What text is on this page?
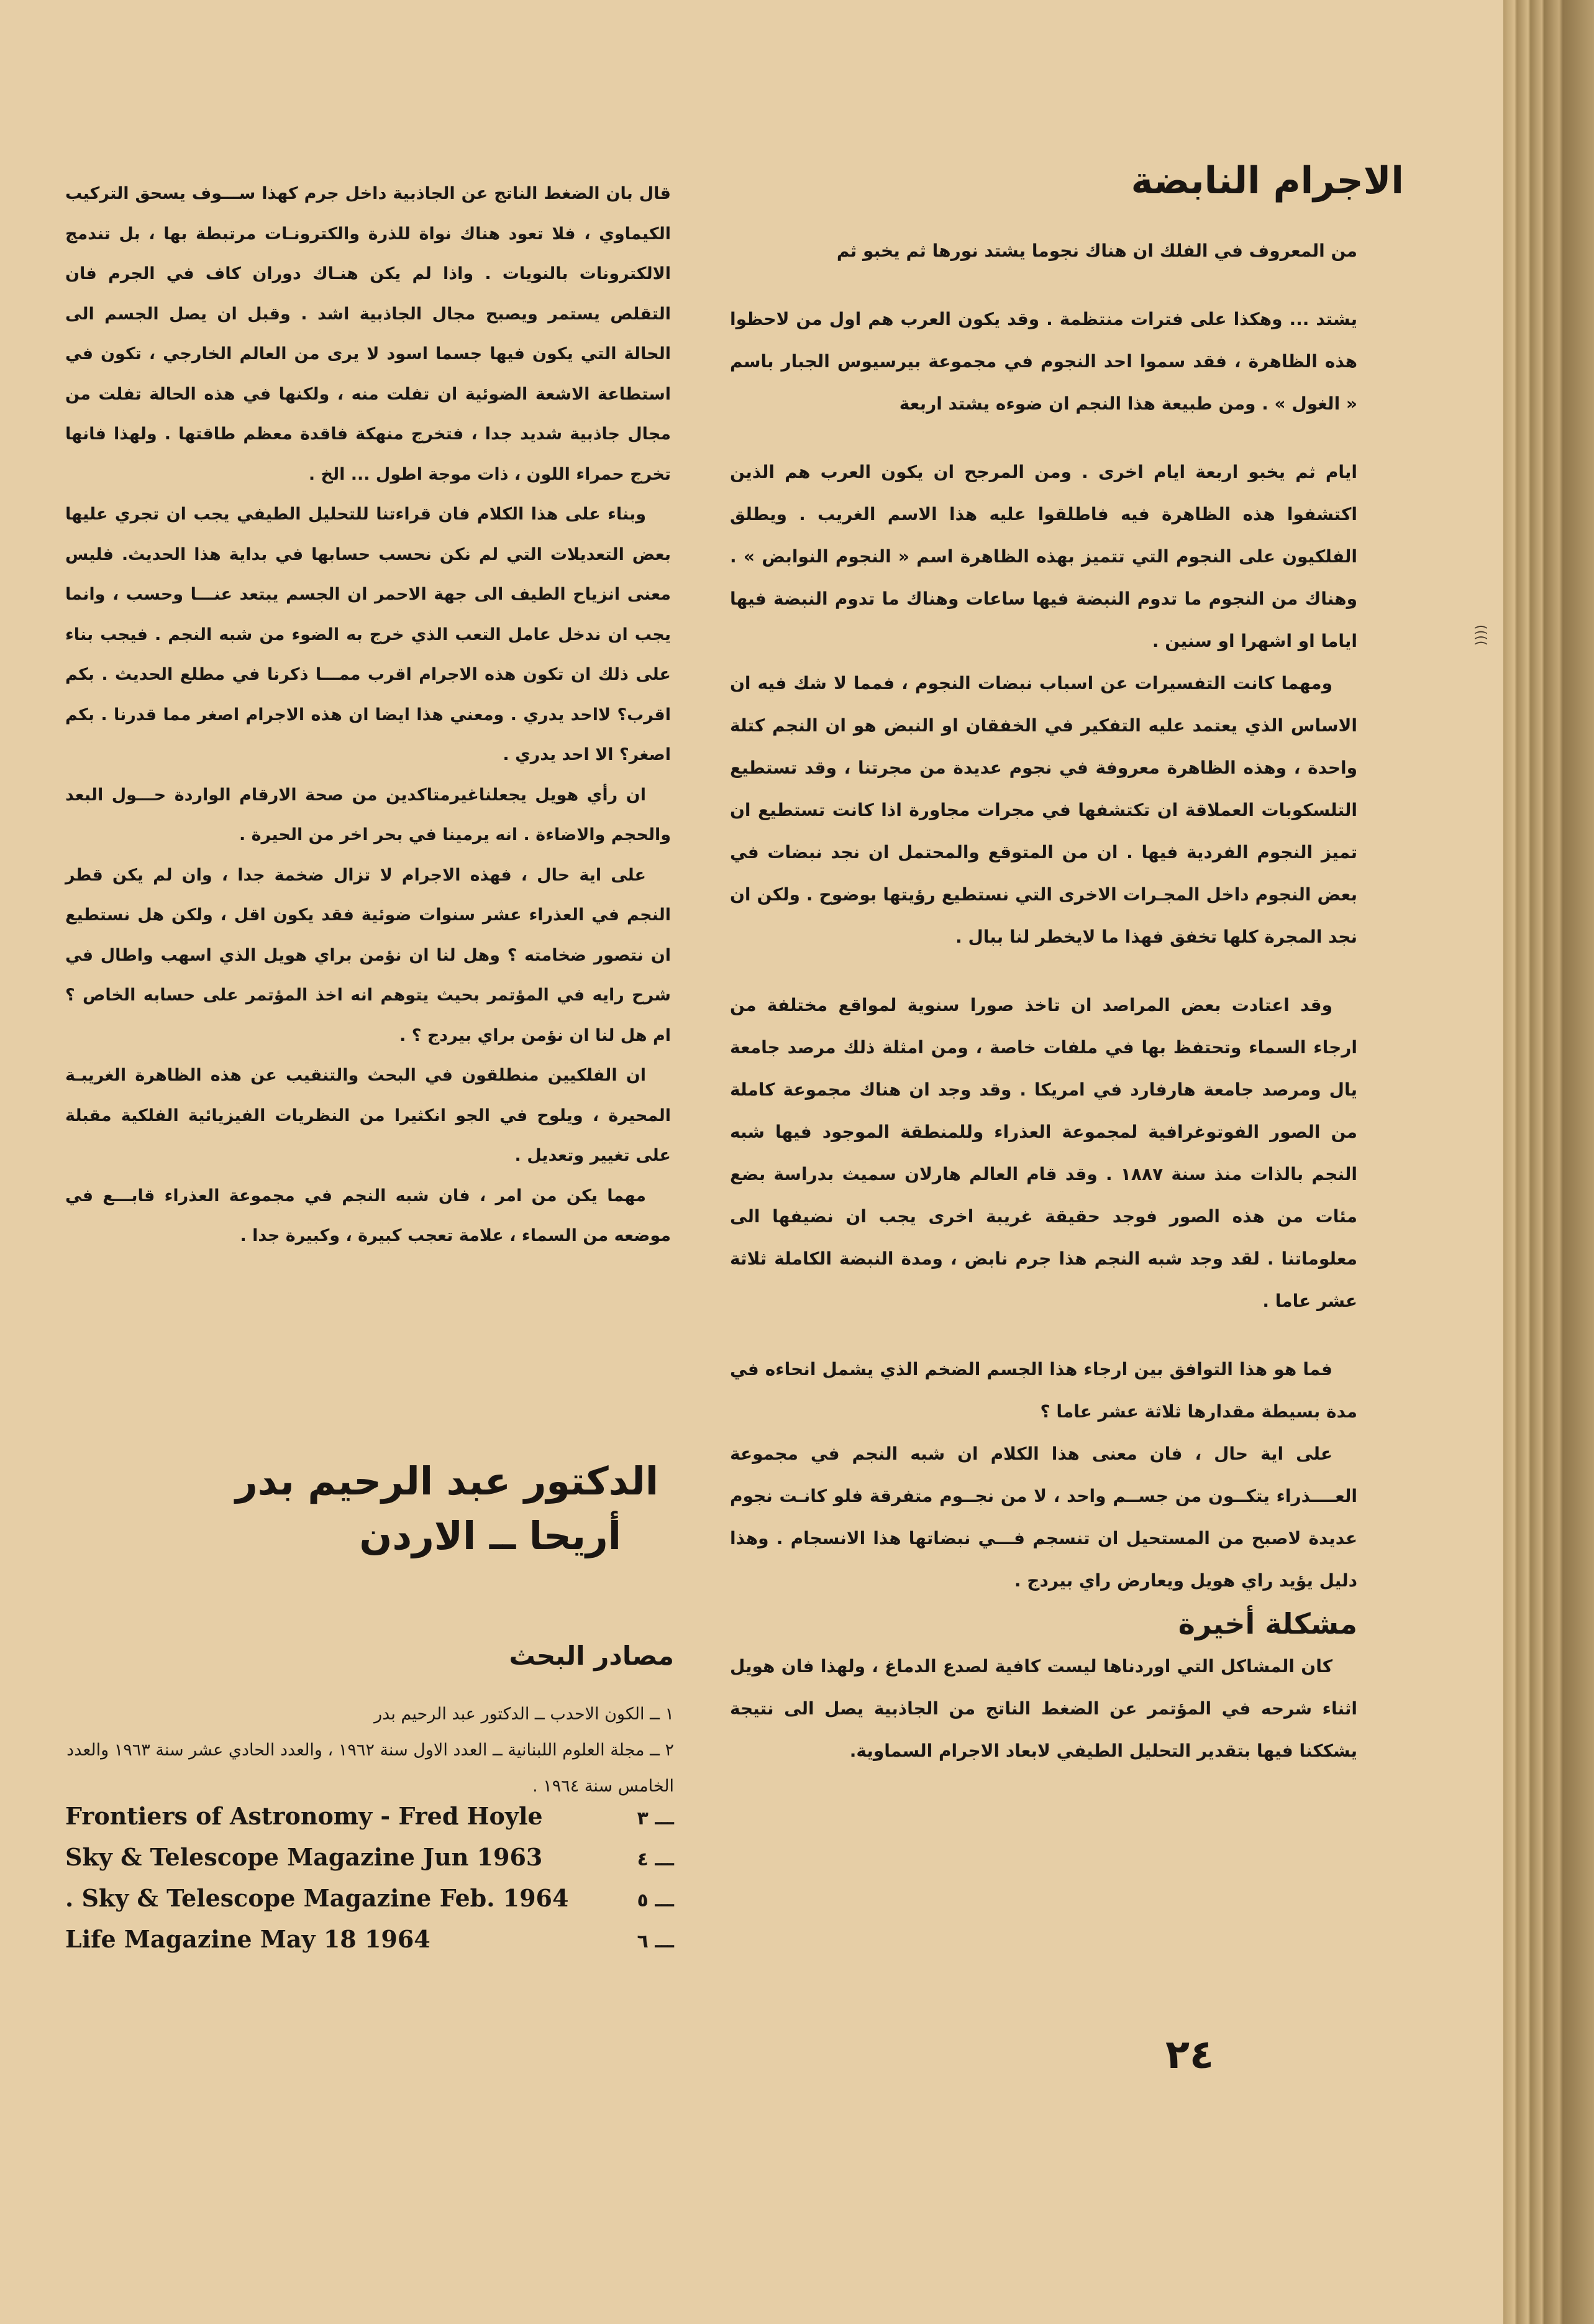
((((
الاجرام النابضة

من المعروف في الفلك ان هناك نجوما يشتد نورها ثم يخبو ثم

يشتد ... وهكذا على فترات منتظمة . وقد يكون العرب هم اول من لاحظوا هذه الظاهرة ، فقد سموا احد النجوم في مجموعة بيرسيوس الجبار باسم « الغول » . ومن طبيعة هذا النجم ان ضوءه يشتد اربعة

ايام ثم يخبو اربعة ايام اخرى . ومن المرجح ان يكون العرب هم الذين اكتشفوا هذه الظاهرة فيه فاطلقوا عليه هذا الاسم الغريب . ويطلق الفلكيون على النجوم التي تتميز بهذه الظاهرة اسم « النجوم النوابض » . وهناك من النجوم ما تدوم النبضة فيها ساعات وهناك ما تدوم النبضة فيها اياما او اشهرا او سنين .

ومهما كانت التفسيرات عن اسباب نبضات النجوم ، فمما لا شك فيه ان الاساس الذي يعتمد عليه التفكير في الخفقان او النبض هو ان النجم كتلة واحدة ، وهذه الظاهرة معروفة في نجوم عديدة من مجرتنا ، وقد تستطيع التلسكوبات العملاقة ان تكتشفها في مجرات مجاورة اذا كانت تستطيع ان تميز النجوم الفردية فيها . ان من المتوقع والمحتمل ان نجد نبضات في بعض النجوم داخل المجـرات الاخرى التي نستطيع رؤيتها بوضوح . ولكن ان نجد المجرة كلها تخفق فهذا ما لايخطر لنا ببال .

وقد اعتادت بعض المراصد ان تاخذ صورا سنوية لمواقع مختلفة من ارجاء السماء وتحتفظ بها في ملفات خاصة ، ومن امثلة ذلك مرصد جامعة يال ومرصد جامعة هارفارد في امريكا . وقد وجد ان هناك مجموعة كاملة من الصور الفوتوغرافية لمجموعة العذراء وللمنطقة الموجود فيها شبه النجم بالذات منذ سنة ١٨٨٧ . وقد قام العالم هارلان سميث بدراسة بضع مئات من هذه الصور فوجد حقيقة غريبة اخرى يجب ان نضيفها الى معلوماتنا . لقد وجد شبه النجم هذا جرم نابض ، ومدة النبضة الكاملة ثلاثة عشر عاما .

فما هو هذا التوافق بين ارجاء هذا الجسم الضخم الذي يشمل انحاءه في مدة بسيطة مقدارها ثلاثة عشر عاما ؟

على اية حال ، فان معنى هذا الكلام ان شبه النجم في مجموعة العــــذراء يتكــون من جســم واحد ، لا من نجــوم متفرقة فلو كانـت نجوم عديدة لاصبح من المستحيل ان تنسجم فـــي نبضاتها هذا الانسجام . وهذا دليل يؤيد راي هويل ويعارض راي بيردج .

مشكلة أخيرة

كان المشاكل التي اوردناها ليست كافية لصدع الدماغ ، ولهذا فان هويل اثناء شرحه في المؤتمر عن الضغط الناتج من الجاذبية يصل الى نتيجة يشككنا فيها بتقدير التحليل الطيفي لابعاد الاجرام السماوية.

قال بان الضغط الناتج عن الجاذبية داخل جرم كهذا ســـوف يسحق التركيب الكيماوي ، فلا تعود هناك نواة للذرة والكترونـات مرتبطة بها ، بل تندمج الالكترونات بالنويات . واذا لم يكن هنـاك دوران كاف في الجرم فان التقلص يستمر ويصبح مجال الجاذبية اشد . وقبل ان يصل الجسم الى الحالة التي يكون فيها جسما اسود لا يرى من العالم الخارجي ، تكون في استطاعة الاشعة الضوئية ان تفلت منه ، ولكنها في هذه الحالة تفلت من مجال جاذبية شديد جدا ، فتخرج منهكة فاقدة معظم طاقتها . ولهذا فانها تخرج حمراء اللون ، ذات موجة اطول ... الخ .

وبناء على هذا الكلام فان قراءتنا للتحليل الطيفي يجب ان تجري عليها بعض التعديلات التي لم نكن نحسب حسابها في بداية هذا الحديث. فليس معنى انزياح الطيف الى جهة الاحمر ان الجسم يبتعد عنـــا وحسب ، وانما يجب ان ندخل عامل التعب الذي خرج به الضوء من شبه النجم . فيجب بناء على ذلك ان تكون هذه الاجرام اقرب ممـــا ذكرنا في مطلع الحديث . بكم اقرب؟ لااحد يدري . ومعني هذا ايضا ان هذه الاجرام اصغر مما قدرنا . بكم اصغر؟ الا احد يدري .

ان رأي هويل يجعلناغيرمتاكدين من صحة الارقام الواردة حـــول البعد والحجم والاضاءة . انه يرمينا في بحر اخر من الحيرة .

على اية حال ، فهذه الاجرام لا تزال ضخمة جدا ، وان لم يكن قطر النجم في العذراء عشر سنوات ضوئية فقد يكون اقل ، ولكن هل نستطيع ان نتصور ضخامته ؟ وهل لنا ان نؤمن براي هويل الذي اسهب واطال في شرح رايه في المؤتمر بحيث يتوهم انه اخذ المؤتمر على حسابه الخاص ؟ ام هل لنا ان نؤمن براي بيردج ؟ .

ان الفلكيين منطلقون في البحث والتنقيب عن هذه الظاهرة الغريبـة المحيرة ، ويلوح في الجو انكثيرا من النظريات الفيزيائية الفلكية مقبلة على تغيير وتعديل .

مهما يكن من امر ، فان شبه النجم في مجموعة العذراء قابـــع في موضعه من السماء ، علامة تعجب كبيرة ، وكبيرة جدا .

الدكتور عبد الرحيم بدر
أريحا ــ الاردن
مصادر البحث
١ ــ الكون الاحدب ــ الدكتور عبد الرحيم بدر
٢ ــ مجلة العلوم اللبنانية ــ العدد الاول سنة ١٩٦٢ ، والعدد الحادي عشر سنة ١٩٦٣ والعدد الخامس سنة ١٩٦٤ .
Frontiers of Astronomy - Fred Hoyle	ـــ ٣
Sky & Telescope Magazine Jun 1963	ـــ ٤
. Sky & Telescope Magazine Feb. 1964	ـــ ٥
Life Magazine May 18 1964	ـــ ٦
٢٤
